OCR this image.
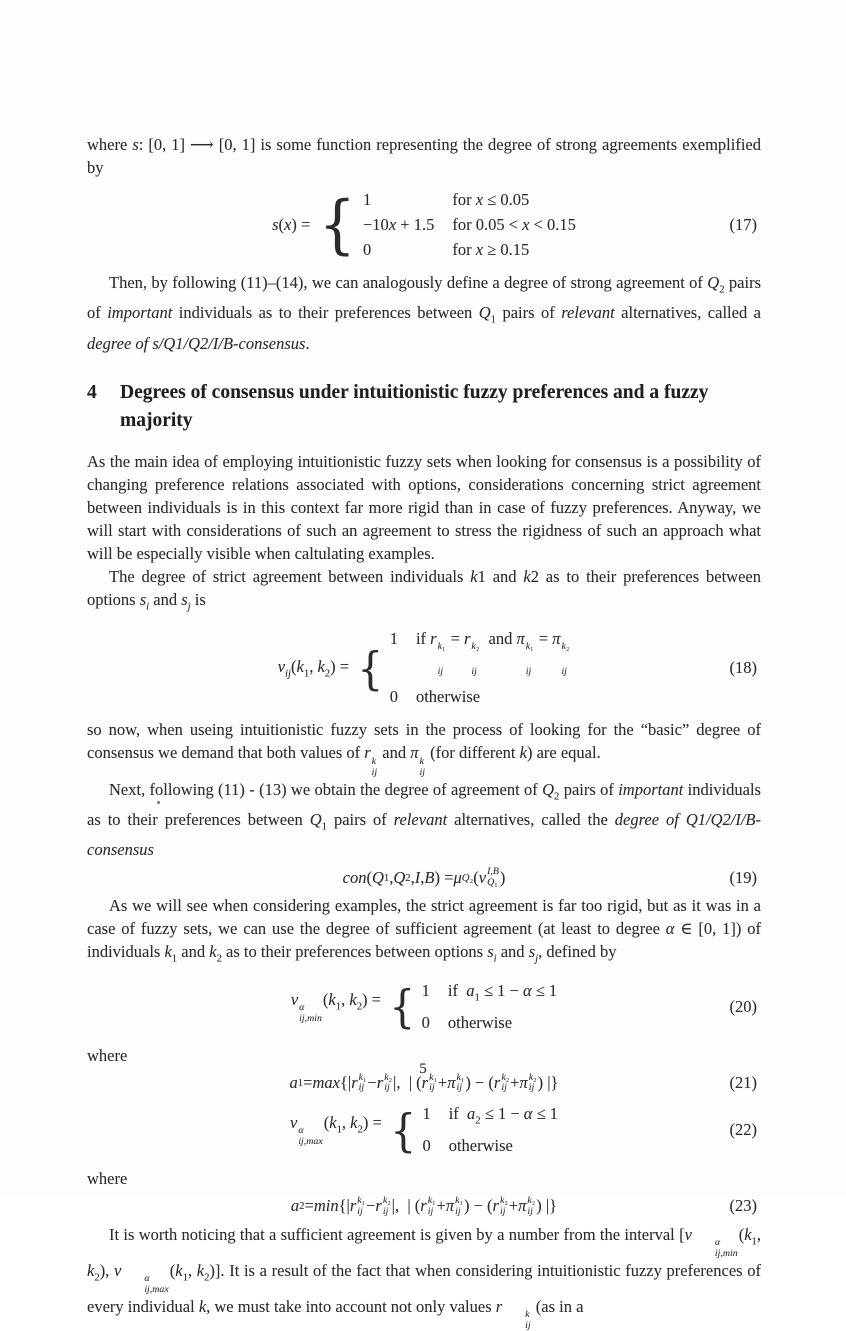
where s: [0, 1] ⟶ [0, 1] is some function representing the degree of strong agreements exemplified by

s(x) = { 1	for x ≤ 0.05
−10x + 1.5 for 0.05 < x < 0.15
0	for x ≥ 0.15
(17)

Then, by following (11)–(14), we can analogously define a degree of strong agreement of $Q_2$ pairs of important individuals as to their preferences between $Q_1$ pairs of relevant alternatives, called a degree of s/Q1/Q2/I/B-consensus.

4	Degrees of consensus under intuitionistic fuzzy preferences and a fuzzy majority

As the main idea of employing intuitionistic fuzzy sets when looking for consensus is a possibility of changing preference relations associated with options, considerations concerning strict agreement between individuals is in this context far more rigid than in case of fuzzy preferences. Anyway, we will start with considerations of such an agreement to stress the rigidness of such an approach what will be especially visible when caltulating examples.

The degree of strict agreement between individuals k1 and k2 as to their preferences between options $s_i$ and $s_j$ is

$v_{ij}(k_1$, $k_2$) = {
1 if r k₁
ij
= r k₂
ij
and π k₁
ij
= π k₂
ij
0 otherwise
(18)

so now, when useing intuitionistic fuzzy sets in the process of looking for the “basic” degree of consensus we demand that both values of r k
ij
and π k
ij
(for different k) are equal.

Next, following (11) - (13) we obtain the degree of agreement of $Q_2$ pairs of important individuals as to their preferences between $Q_1$ pairs of relevant alternatives, called the degree of Q1/Q2/I/B-consensus

con ( Q 1 , Q 2 , I , B ) = μ Q₂ ( v I,B
Q₁ )	(19)

As we will see when considering examples, the strict agreement is far too rigid, but as it was in a case of fuzzy sets, we can use the degree of sufficient agreement (at least to degree α ∈ [0, 1]) of individuals $k_1$ and $k_2$ as to their preferences between options $s_i$ and $s_j$, defined by

v α
ij,min
($k_1$, $k_2$) = { 1 if  $a_1 \le 1 - \alpha \le 1$
0 otherwise
(20)

where

a 1 = max {| r k₁
ij − r k₂
ij |,  | ( r k₁
ij + π k₁
ij ) − ( r k₂
ij + π k₂
ij ) |}	(21)
v α
ij,max
($k_1$, $k_2$) = { 1 if  $a_2 \le 1 - \alpha \le 1$
0 otherwise
(22)

where

a 2 = min {| r k₁
ij − r k₂
ij |,  | ( r k₁
ij + π k₁
ij ) − ( r k₂
ij + π k₂
ij ) |}	(23)

It is worth noticing that a sufficient agreement is given by a number from the interval [v	α
ij,min
($k_1$, $k_2$), v	α
ij,max
($k_1$, $k_2$)]. It is a result of the fact that when considering intuitionistic fuzzy preferences of every individual k, we must take into account not only values r	k
ij
(as in a

5
